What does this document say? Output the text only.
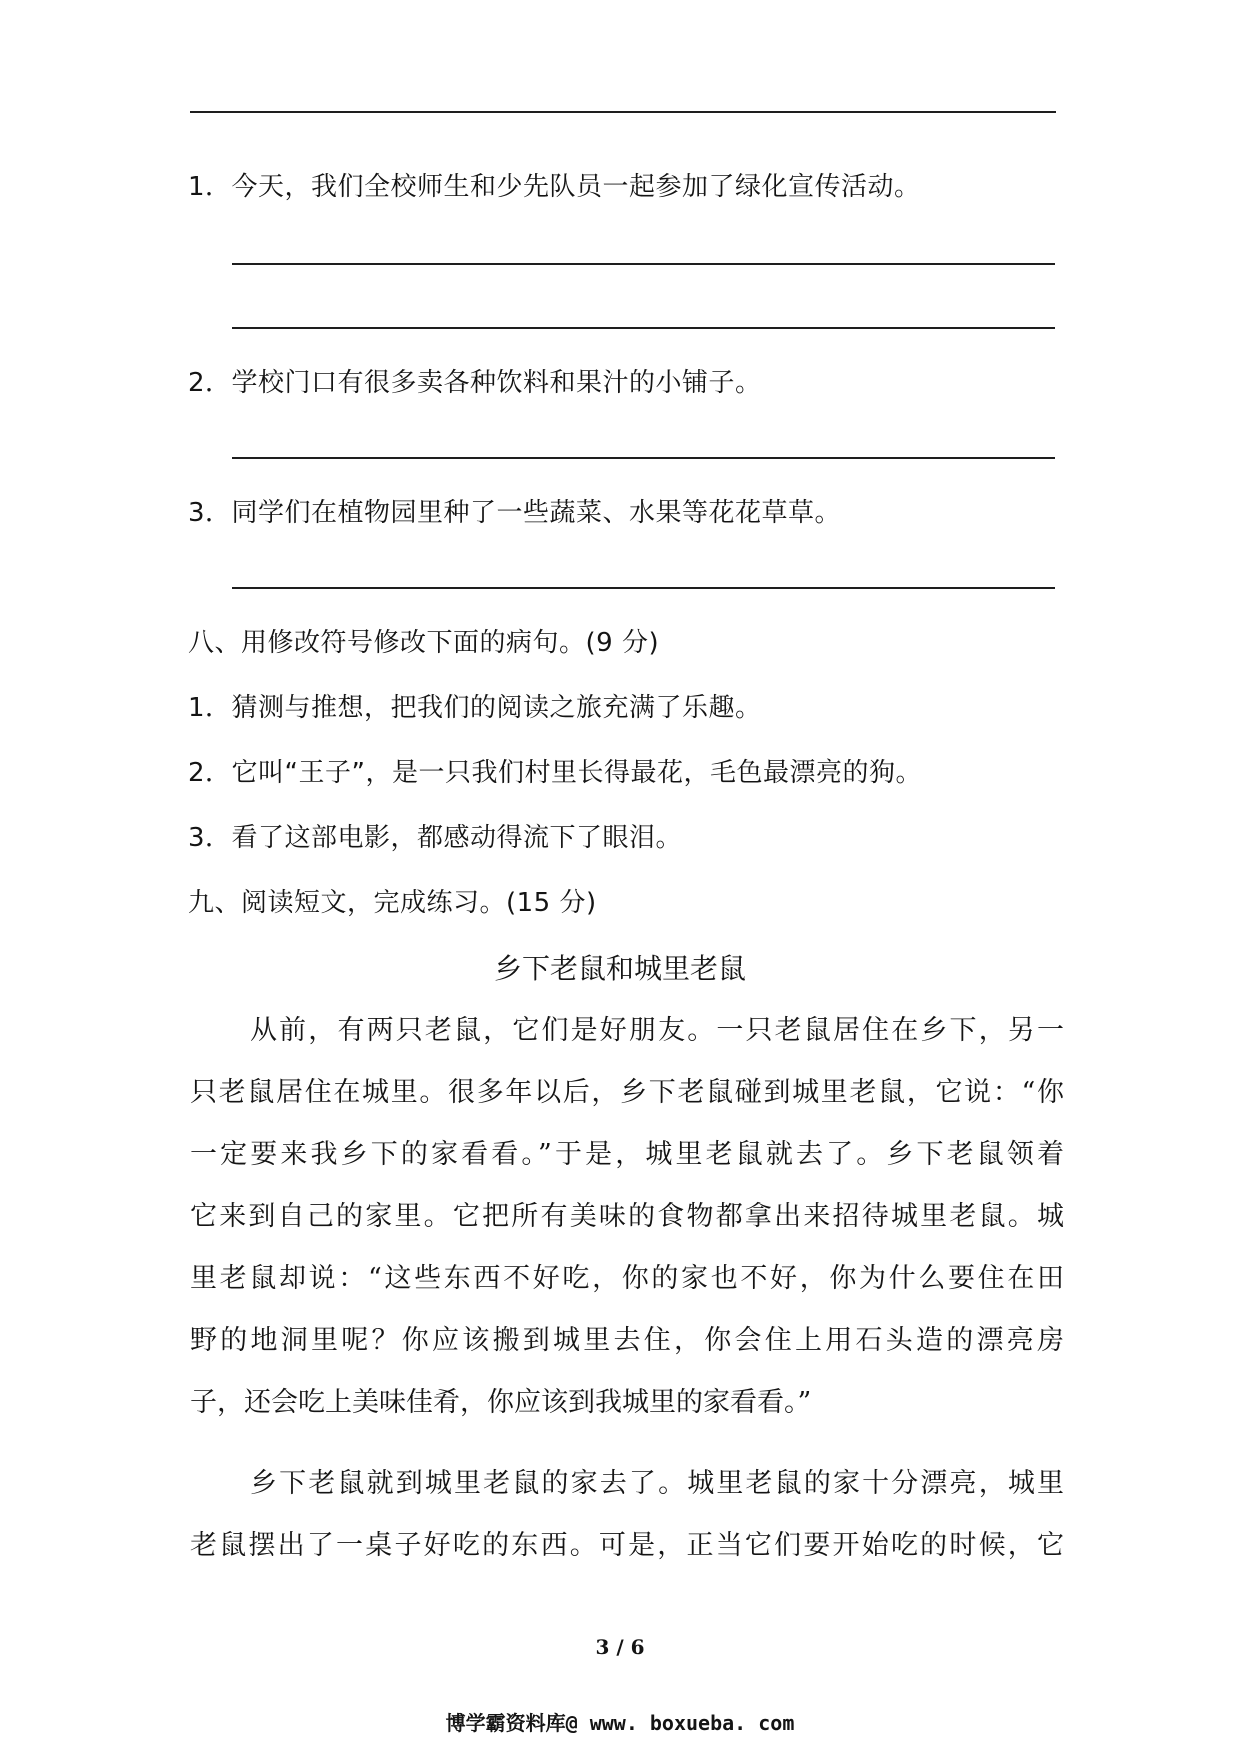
1．今天，我们全校师生和少先队员一起参加了绿化宣传活动。
2．学校门口有很多卖各种饮料和果汁的小铺子。
3．同学们在植物园里种了一些蔬菜、水果等花花草草。
八、用修改符号修改下面的病句。(9 分)
1．猜测与推想，把我们的阅读之旅充满了乐趣。
2．它叫“王子”，是一只我们村里长得最花，毛色最漂亮的狗。
3．看了这部电影，都感动得流下了眼泪。
九、阅读短文，完成练习。(15 分)
乡下老鼠和城里老鼠
从前，有两只老鼠，它们是好朋友。一只老鼠居住在乡下，另一
只老鼠居住在城里。很多年以后，乡下老鼠碰到城里老鼠，它说：“你
一定要来我乡下的家看看。”于是，城里老鼠就去了。乡下老鼠领着
它来到自己的家里。它把所有美味的食物都拿出来招待城里老鼠。城
里老鼠却说：“这些东西不好吃，你的家也不好，你为什么要住在田
野的地洞里呢？你应该搬到城里去住，你会住上用石头造的漂亮房
子，还会吃上美味佳肴，你应该到我城里的家看看。”
乡下老鼠就到城里老鼠的家去了。城里老鼠的家十分漂亮，城里
老鼠摆出了一桌子好吃的东西。可是，正当它们要开始吃的时候，它
3 / 6
博学霸资料库@ www. boxueba. com
